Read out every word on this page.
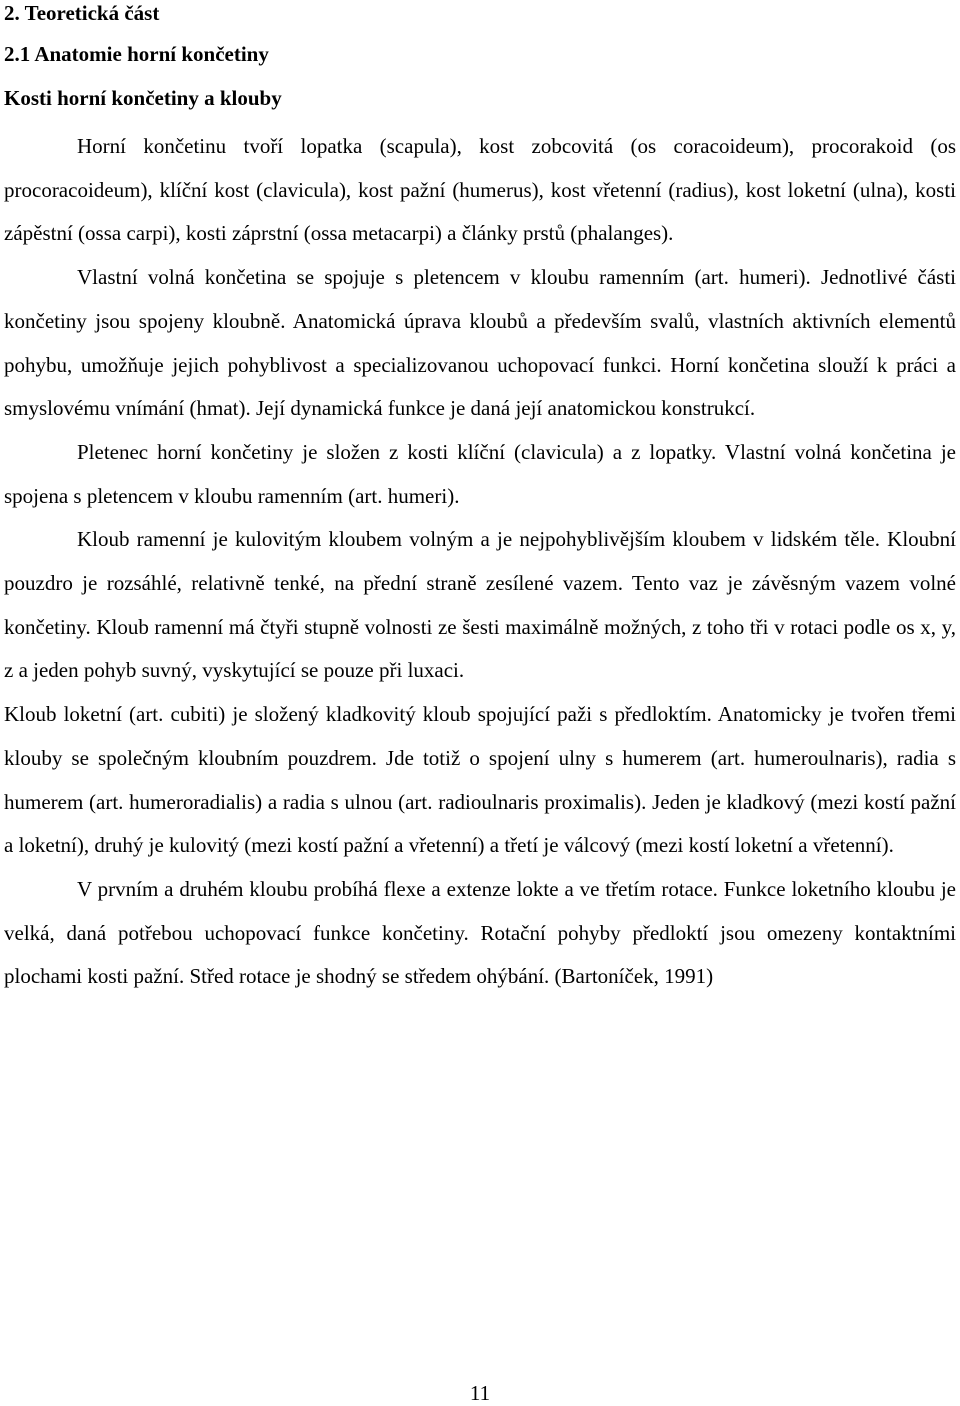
2. Teoretická část
2.1 Anatomie horní končetiny
Kosti horní končetiny a klouby

Horní končetinu tvoří lopatka (scapula), kost zobcovitá (os coracoideum), procorakoid (os procoracoideum), klíční kost (clavicula), kost pažní (humerus), kost vřetenní (radius), kost loketní (ulna), kosti zápěstní (ossa carpi), kosti záprstní (ossa metacarpi) a články prstů (phalanges).

Vlastní volná končetina se spojuje s pletencem v kloubu ramenním (art. humeri). Jednotlivé části končetiny jsou spojeny kloubně. Anatomická úprava kloubů a především svalů, vlastních aktivních elementů pohybu, umožňuje jejich pohyblivost a specializovanou uchopovací funkci. Horní končetina slouží k práci a smyslovému vnímání (hmat). Její dynamická funkce je daná její anatomickou konstrukcí.

Pletenec horní končetiny je složen z kosti klíční (clavicula) a z lopatky. Vlastní volná končetina je spojena s pletencem v kloubu ramenním (art. humeri).

Kloub ramenní je kulovitým kloubem volným a je nejpohyblivějším kloubem v lidském těle. Kloubní pouzdro je rozsáhlé, relativně tenké, na přední straně zesílené vazem. Tento vaz je závěsným vazem volné končetiny. Kloub ramenní má čtyři stupně volnosti ze šesti maximálně možných, z toho tři v rotaci podle os x, y, z a jeden pohyb suvný, vyskytující se pouze při luxaci.

Kloub loketní (art. cubiti) je složený kladkovitý kloub spojující paži s předloktím. Anatomicky je tvořen třemi klouby se společným kloubním pouzdrem. Jde totiž o spojení ulny s humerem (art. humeroulnaris), radia s humerem (art. humeroradialis) a radia s ulnou (art. radioulnaris proximalis). Jeden je kladkový (mezi kostí pažní a loketní), druhý je kulovitý (mezi kostí pažní a vřetenní) a třetí je válcový (mezi kostí loketní a vřetenní).

V prvním a druhém kloubu probíhá flexe a extenze lokte a ve třetím rotace. Funkce loketního kloubu je velká, daná potřebou uchopovací funkce končetiny. Rotační pohyby předloktí jsou omezeny kontaktními plochami kosti pažní. Střed rotace je shodný se středem ohýbání. (Bartoníček, 1991)

11
